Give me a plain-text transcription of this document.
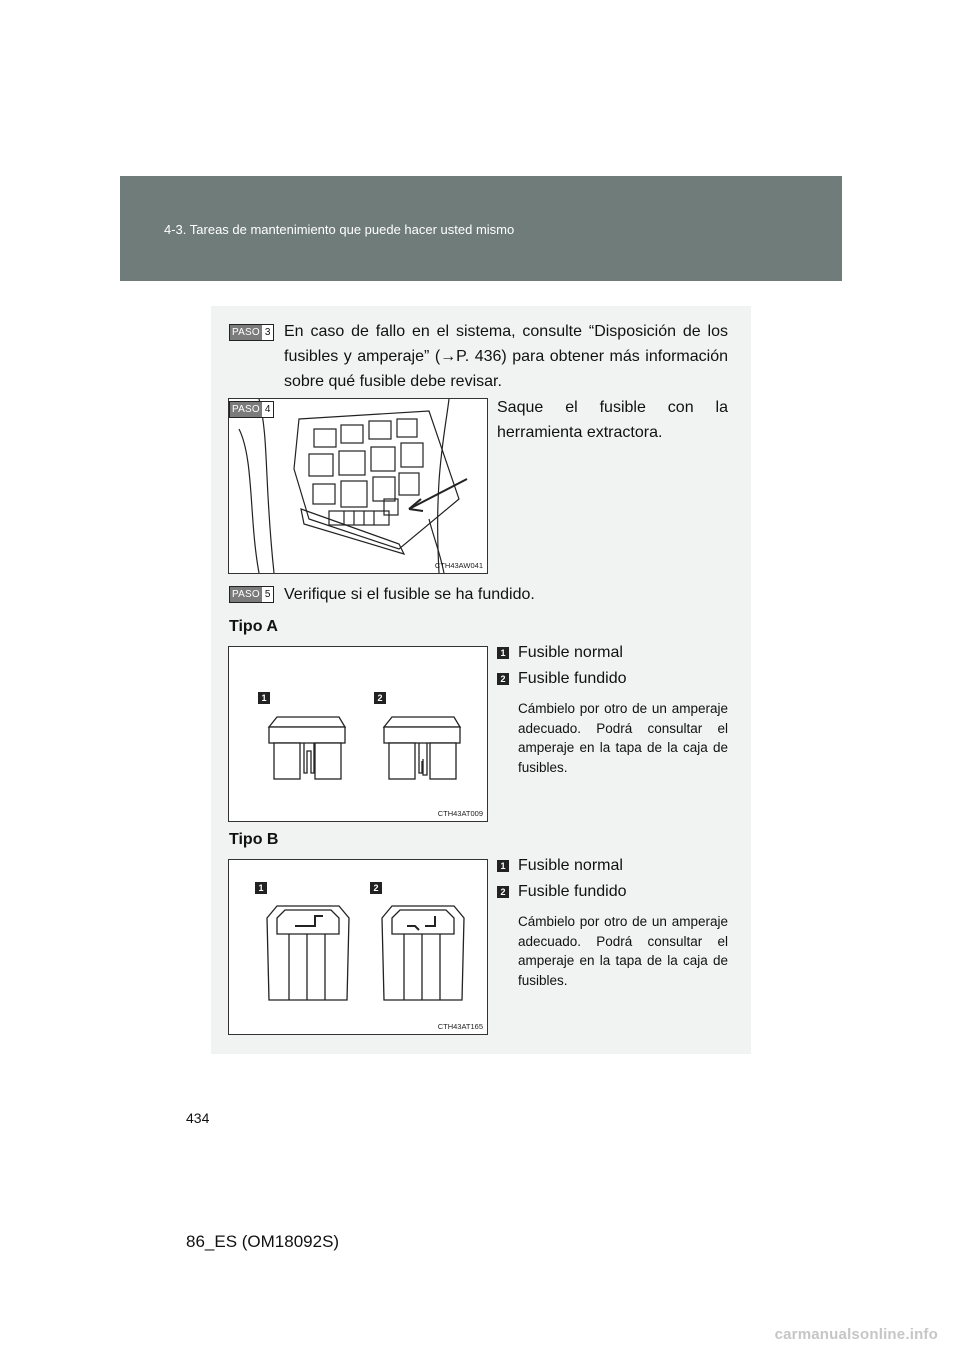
4-3. Tareas de mantenimiento que puede hacer usted mismo
PASO 3 En caso de fallo en el sistema, consulte “Disposición de los fusibles y amperaje” (→P. 436) para obtener más información sobre qué fusible debe revisar.
CTH43AW041
PASO 4	Saque el fusible con la herramienta extractora.
PASO 5 Verifique si el fusible se ha fundido.
Tipo A
1	2
CTH43AT009
1 Fusible normal
2 Fusible fundido
Cámbielo por otro de un amperaje adecuado. Podrá consultar el amperaje en la tapa de la caja de fusibles.
Tipo B
1	2
CTH43AT165
1 Fusible normal
2 Fusible fundido
Cámbielo por otro de un amperaje adecuado. Podrá consultar el amperaje en la tapa de la caja de fusibles.
434
86_ES (OM18092S)
carmanualsonline.info
